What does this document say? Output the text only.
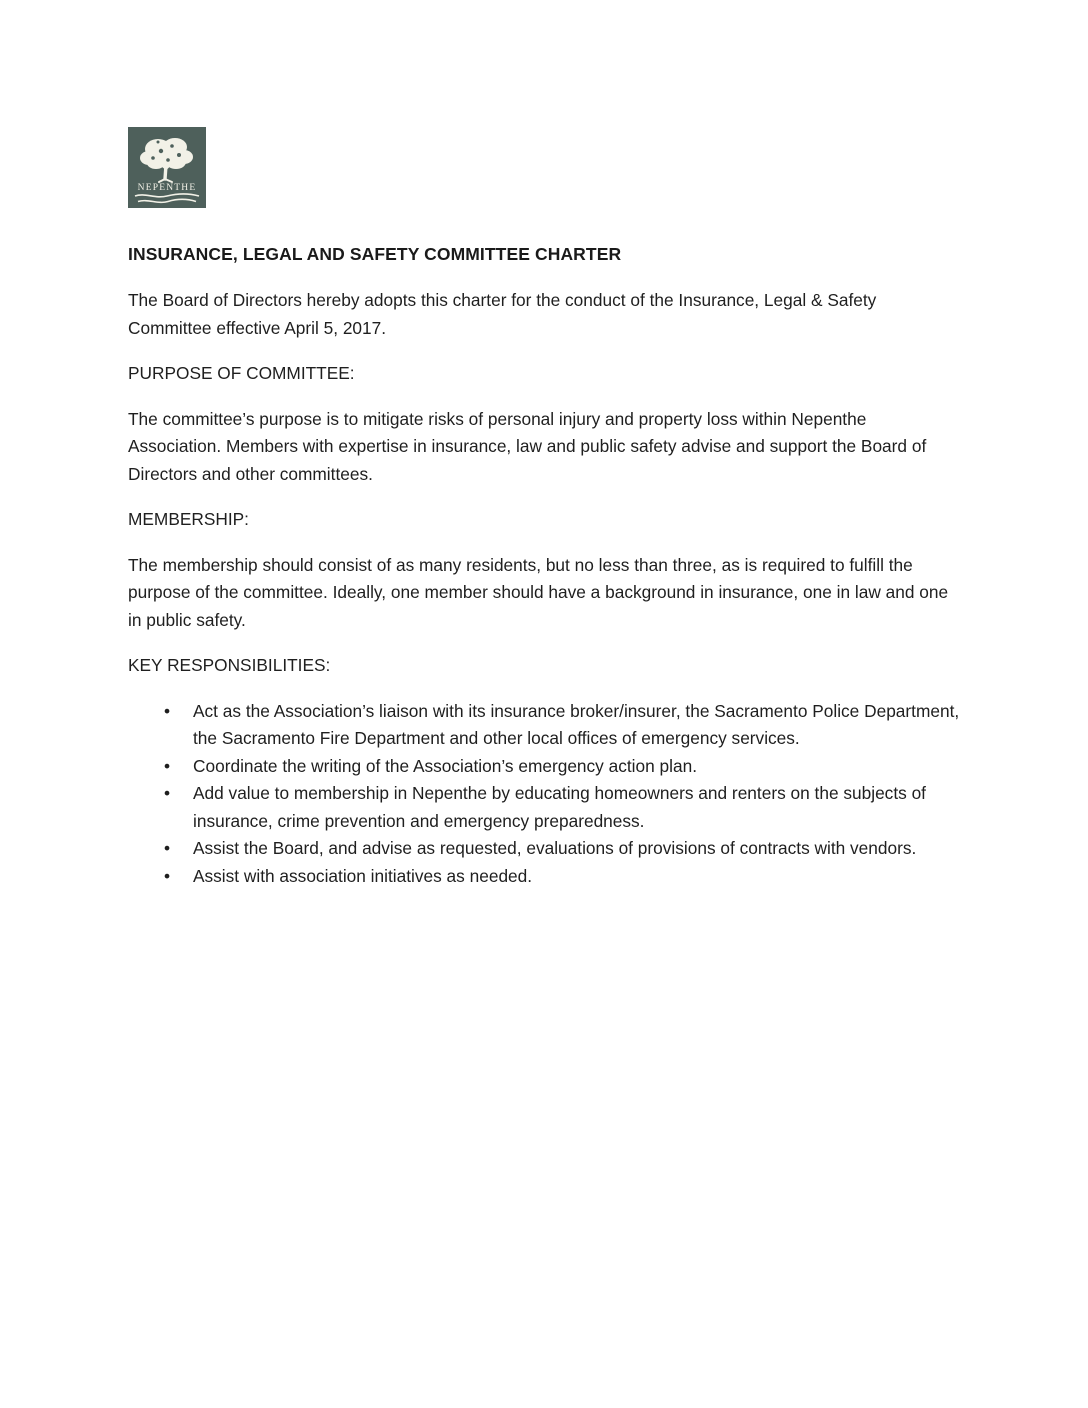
NEPENTHE
INSURANCE, LEGAL AND SAFETY COMMITTEE CHARTER

The Board of Directors hereby adopts this charter for the conduct of the Insurance, Legal & Safety Committee effective April 5, 2017.

PURPOSE OF COMMITTEE:

The committee’s purpose is to mitigate risks of personal injury and property loss within Nepenthe Association. Members with expertise in insurance, law and public safety advise and support the Board of Directors and other committees.

MEMBERSHIP:

The membership should consist of as many residents, but no less than three, as is required to fulfill the purpose of the committee. Ideally, one member should have a background in insurance, one in law and one in public safety.

KEY RESPONSIBILITIES:

• Act as the Association’s liaison with its insurance broker/insurer, the Sacramento Police Department, the Sacramento Fire Department and other local offices of emergency services.
• Coordinate the writing of the Association’s emergency action plan.
• Add value to membership in Nepenthe by educating homeowners and renters on the subjects of insurance, crime prevention and emergency preparedness.
• Assist the Board, and advise as requested, evaluations of provisions of contracts with vendors.
• Assist with association initiatives as needed.
